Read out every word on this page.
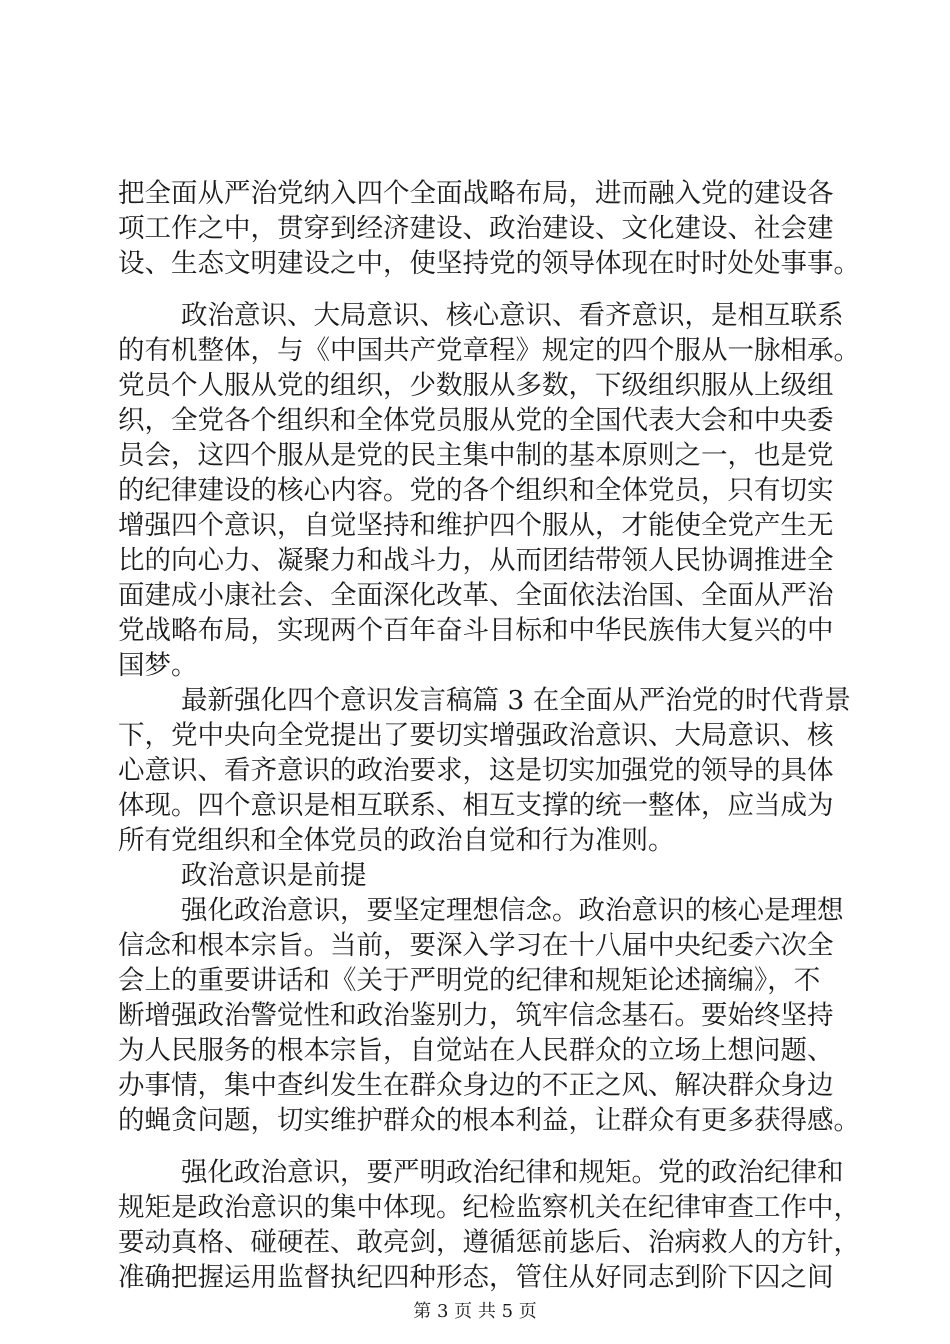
把全面从严治党纳入四个全面战略布局，进而融入党的建设各
项工作之中，贯穿到经济建设、政治建设、文化建设、社会建
设、生态文明建设之中，使坚持党的领导体现在时时处处事事。
政治意识、大局意识、核心意识、看齐意识，是相互联系
的有机整体，与《中国共产党章程》规定的四个服从一脉相承。
党员个人服从党的组织，少数服从多数，下级组织服从上级组
织，全党各个组织和全体党员服从党的全国代表大会和中央委
员会，这四个服从是党的民主集中制的基本原则之一，也是党
的纪律建设的核心内容。党的各个组织和全体党员，只有切实
增强四个意识，自觉坚持和维护四个服从，才能使全党产生无
比的向心力、凝聚力和战斗力，从而团结带领人民协调推进全
面建成小康社会、全面深化改革、全面依法治国、全面从严治
党战略布局，实现两个百年奋斗目标和中华民族伟大复兴的中
国梦。
最新强化四个意识发言稿篇 3 在全面从严治党的时代背景
下，党中央向全党提出了要切实增强政治意识、大局意识、核
心意识、看齐意识的政治要求，这是切实加强党的领导的具体
体现。四个意识是相互联系、相互支撑的统一整体，应当成为
所有党组织和全体党员的政治自觉和行为准则。
政治意识是前提
强化政治意识，要坚定理想信念。政治意识的核心是理想
信念和根本宗旨。当前，要深入学习在十八届中央纪委六次全
会上的重要讲话和《关于严明党的纪律和规矩论述摘编》，不
断增强政治警觉性和政治鉴别力，筑牢信念基石。要始终坚持
为人民服务的根本宗旨，自觉站在人民群众的立场上想问题、
办事情，集中查纠发生在群众身边的不正之风、解决群众身边
的蝇贪问题，切实维护群众的根本利益，让群众有更多获得感。
强化政治意识，要严明政治纪律和规矩。党的政治纪律和
规矩是政治意识的集中体现。纪检监察机关在纪律审查工作中，
要动真格、碰硬茬、敢亮剑，遵循惩前毖后、治病救人的方针，
准确把握运用监督执纪四种形态，管住从好同志到阶下囚之间
第 3 页 共 5 页
